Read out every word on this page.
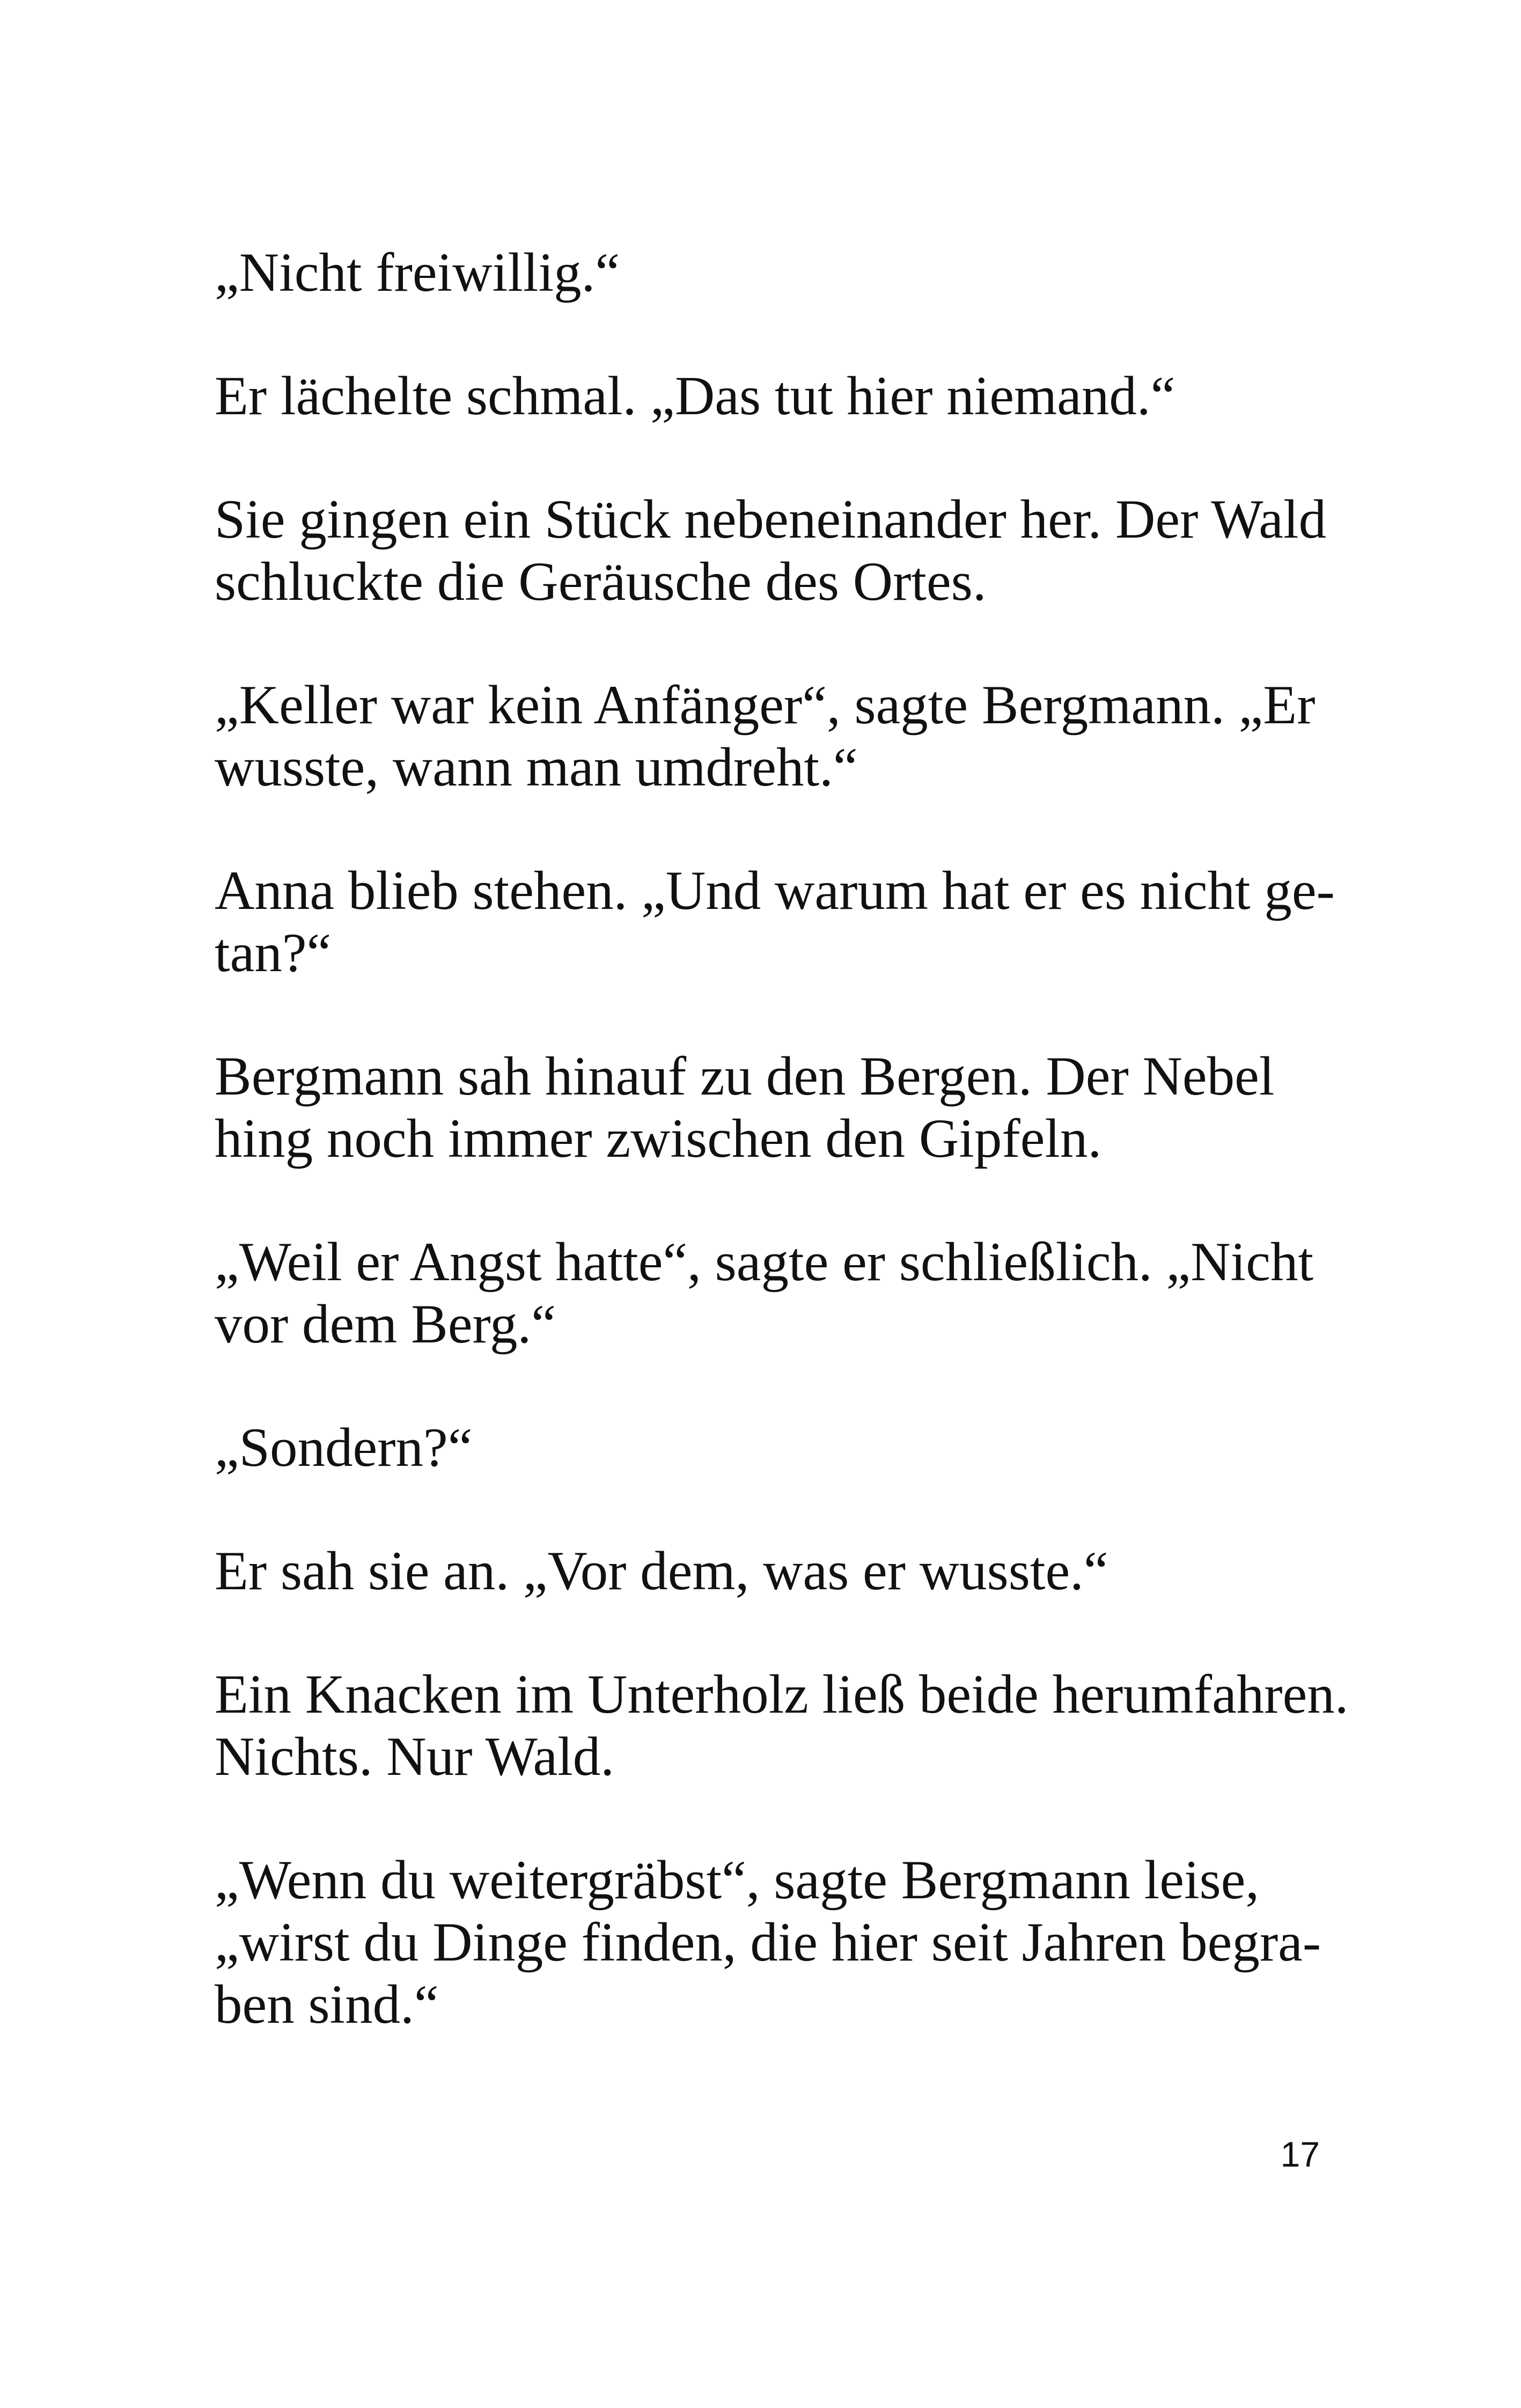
„Nicht freiwillig.“

Er lächelte schmal. „Das tut hier niemand.“

Sie gingen ein Stück nebeneinander her. Der Wald
schluckte die Geräusche des Ortes.

„Keller war kein Anfänger“, sagte Bergmann. „Er
wusste, wann man umdreht.“

Anna blieb stehen. „Und warum hat er es nicht ge-
tan?“

Bergmann sah hinauf zu den Bergen. Der Nebel
hing noch immer zwischen den Gipfeln.

„Weil er Angst hatte“, sagte er schließlich. „Nicht
vor dem Berg.“

„Sondern?“

Er sah sie an. „Vor dem, was er wusste.“

Ein Knacken im Unterholz ließ beide herumfahren.
Nichts. Nur Wald.

„Wenn du weitergräbst“, sagte Bergmann leise,
„wirst du Dinge finden, die hier seit Jahren begra-
ben sind.“

17
